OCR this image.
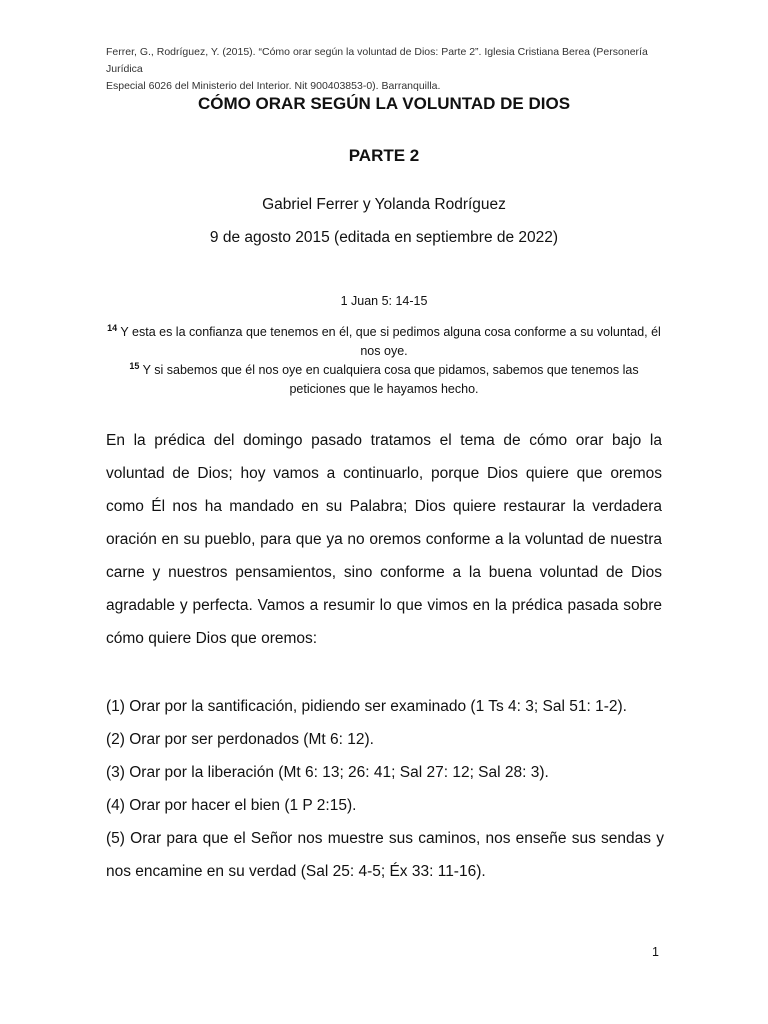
Ferrer, G., Rodríguez, Y. (2015). “Cómo orar según la voluntad de Dios: Parte 2”. Iglesia Cristiana Berea (Personería Jurídica
Especial 6026 del Ministerio del Interior. Nit 900403853-0). Barranquilla.
CÓMO ORAR SEGÚN LA VOLUNTAD DE DIOS
PARTE 2
Gabriel Ferrer y Yolanda Rodríguez
9 de agosto 2015 (editada en septiembre de 2022)
1 Juan 5: 14-15
$^{14}$ Y esta es la confianza que tenemos en él, que si pedimos alguna cosa conforme a su voluntad, él nos oye.
$^{15}$ Y si sabemos que él nos oye en cualquiera cosa que pidamos, sabemos que tenemos las peticiones que le hayamos hecho.

En la prédica del domingo pasado tratamos el tema de cómo orar bajo la voluntad de Dios; hoy vamos a continuarlo, porque Dios quiere que oremos como Él nos ha mandado en su Palabra; Dios quiere restaurar la verdadera oración en su pueblo, para que ya no oremos conforme a la voluntad de nuestra carne y nuestros pensamientos, sino conforme a la buena voluntad de Dios agradable y perfecta. Vamos a resumir lo que vimos en la prédica pasada sobre cómo quiere Dios que oremos:

(1) Orar por la santificación, pidiendo ser examinado (1 Ts 4: 3; Sal 51: 1-2).
(2) Orar por ser perdonados (Mt 6: 12).
(3) Orar por la liberación (Mt 6: 13; 26: 41; Sal 27: 12; Sal 28: 3).
(4) Orar por hacer el bien (1 P 2:15).
(5) Orar para que el Señor nos muestre sus caminos, nos enseñe sus sendas y nos encamine en su verdad (Sal 25: 4-5; Éx 33: 11-16).
1
